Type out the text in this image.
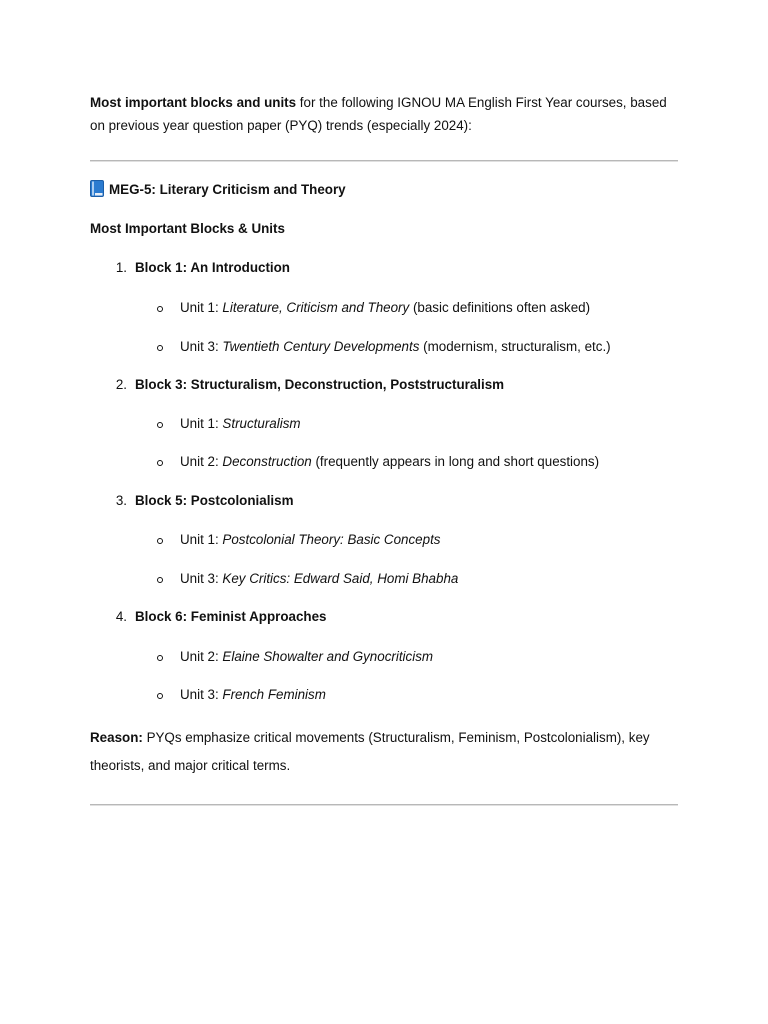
Most important blocks and units for the following IGNOU MA English First Year courses, based on previous year question paper (PYQ) trends (especially 2024):

MEG-5: Literary Criticism and Theory
Most Important Blocks & Units
1. Block 1: An Introduction
Unit 1: Literature, Criticism and Theory (basic definitions often asked)
Unit 3: Twentieth Century Developments (modernism, structuralism, etc.)
2. Block 3: Structuralism, Deconstruction, Poststructuralism
Unit 1: Structuralism
Unit 2: Deconstruction (frequently appears in long and short questions)
3. Block 5: Postcolonialism
Unit 1: Postcolonial Theory: Basic Concepts
Unit 3: Key Critics: Edward Said, Homi Bhabha
4. Block 6: Feminist Approaches
Unit 2: Elaine Showalter and Gynocriticism
Unit 3: French Feminism

Reason: PYQs emphasize critical movements (Structuralism, Feminism, Postcolonialism), key theorists, and major critical terms.
